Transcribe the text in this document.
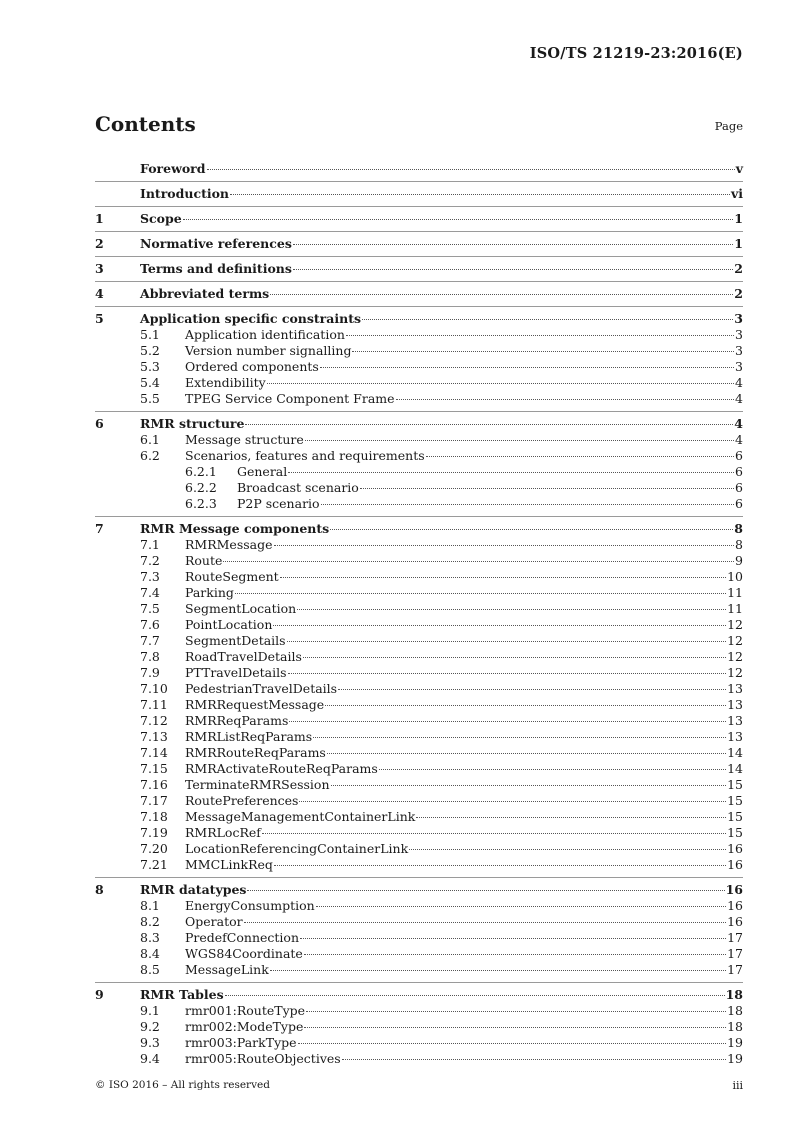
ISO/TS 21219-23:2016(E)
Contents	Page
Foreword	v
Introduction	vi
1	Scope	1
2	Normative references	1
3	Terms and definitions	2
4	Abbreviated terms	2
5	Application specific constraints	3
5.1	Application identification	3
5.2	Version number signalling	3
5.3	Ordered components	3
5.4	Extendibility	4
5.5	TPEG Service Component Frame	4
6	RMR structure	4
6.1	Message structure	4
6.2	Scenarios, features and requirements	6
6.2.1	General	6
6.2.2	Broadcast scenario	6
6.2.3	P2P scenario	6
7	RMR Message components	8
7.1	RMRMessage	8
7.2	Route	9
7.3	RouteSegment	10
7.4	Parking	11
7.5	SegmentLocation	11
7.6	PointLocation	12
7.7	SegmentDetails	12
7.8	RoadTravelDetails	12
7.9	PTTravelDetails	12
7.10	PedestrianTravelDetails	13
7.11	RMRRequestMessage	13
7.12	RMRReqParams	13
7.13	RMRListReqParams	13
7.14	RMRRouteReqParams	14
7.15	RMRActivateRouteReqParams	14
7.16	TerminateRMRSession	15
7.17	RoutePreferences	15
7.18	MessageManagementContainerLink	15
7.19	RMRLocRef	15
7.20	LocationReferencingContainerLink	16
7.21	MMCLinkReq	16
8	RMR datatypes	16
8.1	EnergyConsumption	16
8.2	Operator	16
8.3	PredefConnection	17
8.4	WGS84Coordinate	17
8.5	MessageLink	17
9	RMR Tables	18
9.1	rmr001:RouteType	18
9.2	rmr002:ModeType	18
9.3	rmr003:ParkType	19
9.4	rmr005:RouteObjectives	19
© ISO 2016 – All rights reserved	iii
